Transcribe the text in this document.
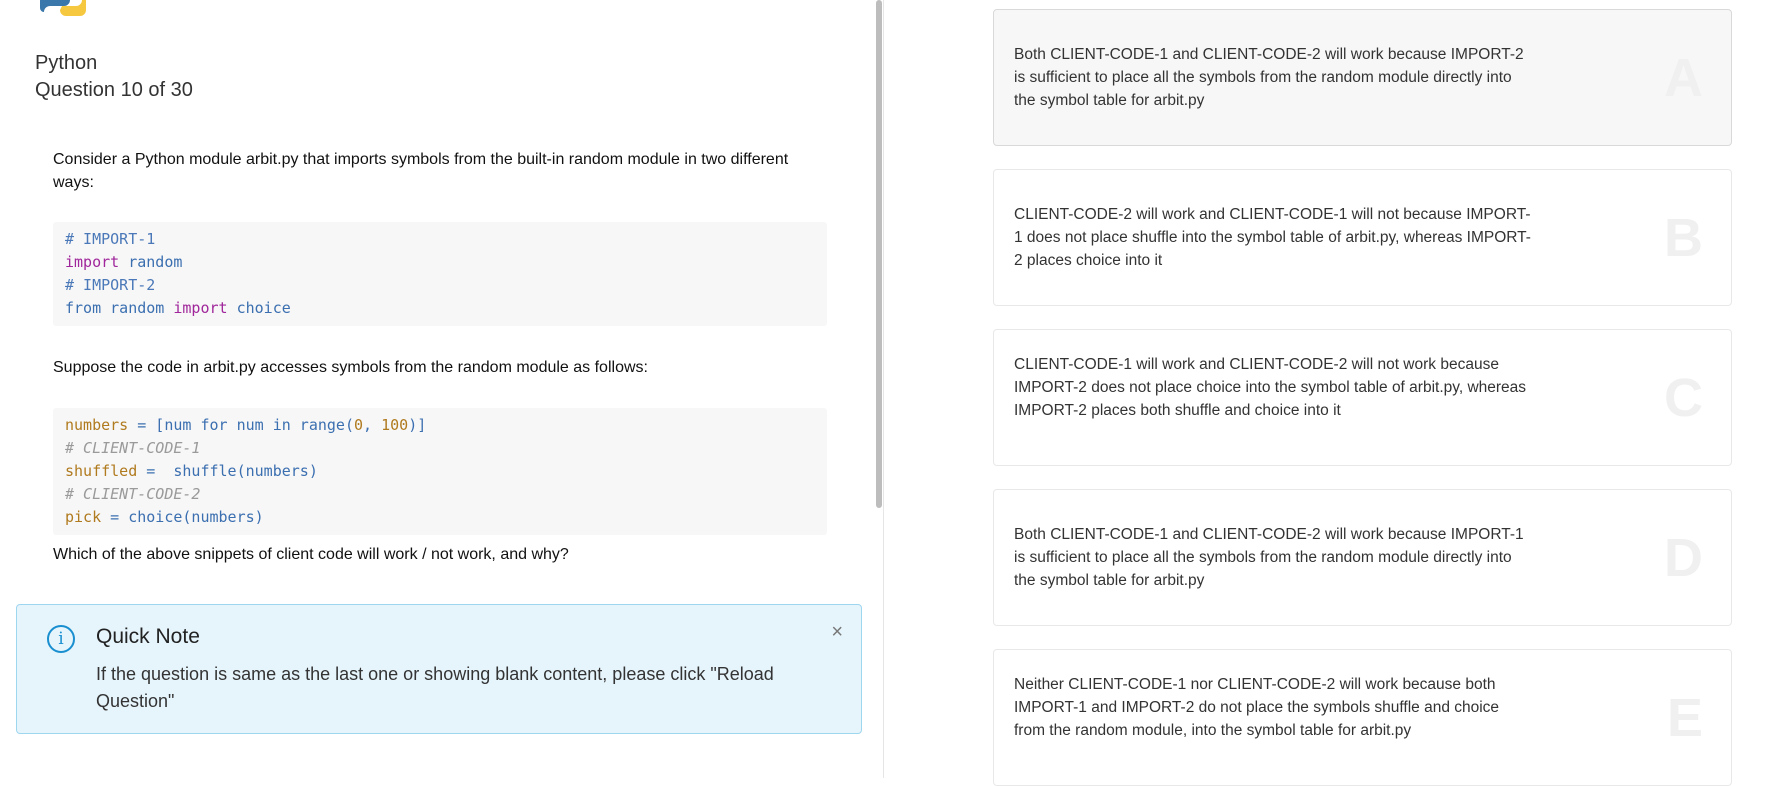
Python
Question 10 of 30
Consider a Python module arbit.py that imports symbols from the built-in random module in two different ways:
# IMPORT-1
import random
# IMPORT-2
from random import choice
Suppose the code in arbit.py accesses symbols from the random module as follows:
numbers = [num for num in range(0, 100)]
# CLIENT-CODE-1
shuffled =  shuffle(numbers)
# CLIENT-CODE-2
pick = choice(numbers)
Which of the above snippets of client code will work / not work, and why?
i	Quick Note
If the question is same as the last one or showing blank content, please click "Reload Question"
×
Both CLIENT-CODE-1 and CLIENT-CODE-2 will work because IMPORT-2 is sufficient to place all the symbols from the random module directly into the symbol table for arbit.py	A
CLIENT-CODE-2 will work and CLIENT-CODE-1 will not because IMPORT-1 does not place shuffle into the symbol table of arbit.py, whereas IMPORT-2 places choice into it	B
CLIENT-CODE-1 will work and CLIENT-CODE-2 will not work because IMPORT-2 does not place choice into the symbol table of arbit.py, whereas IMPORT-2 places both shuffle and choice into it	C
Both CLIENT-CODE-1 and CLIENT-CODE-2 will work because IMPORT-1 is sufficient to place all the symbols from the random module directly into the symbol table for arbit.py	D
Neither CLIENT-CODE-1 nor CLIENT-CODE-2 will work because both IMPORT-1 and IMPORT-2 do not place the symbols shuffle and choice from the random module, into the symbol table for arbit.py	E
